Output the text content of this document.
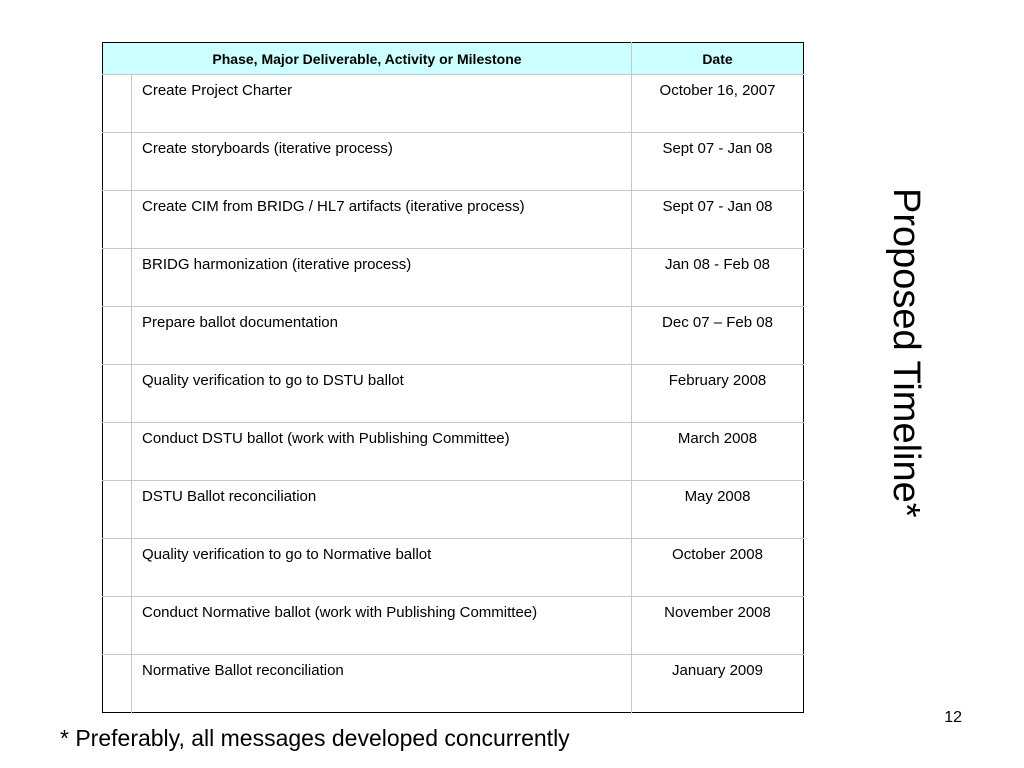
Phase, Major Deliverable, Activity or Milestone		Date
	Create Project Charter	October 16, 2007
	Create storyboards (iterative process)	Sept 07 - Jan 08
	Create CIM from BRIDG / HL7 artifacts (iterative process)	Sept 07 - Jan 08
	BRIDG harmonization (iterative process)	Jan 08 - Feb 08
	Prepare ballot documentation	Dec 07 – Feb 08
	Quality verification to go to DSTU ballot	February 2008
	Conduct DSTU ballot (work with Publishing Committee)	March 2008
	DSTU Ballot reconciliation	May 2008
	Quality verification to go to Normative ballot	October 2008
	Conduct Normative ballot (work with Publishing Committee)	November 2008
	Normative Ballot reconciliation	January 2009
Proposed Timeline*
12
* Preferably, all messages developed concurrently
